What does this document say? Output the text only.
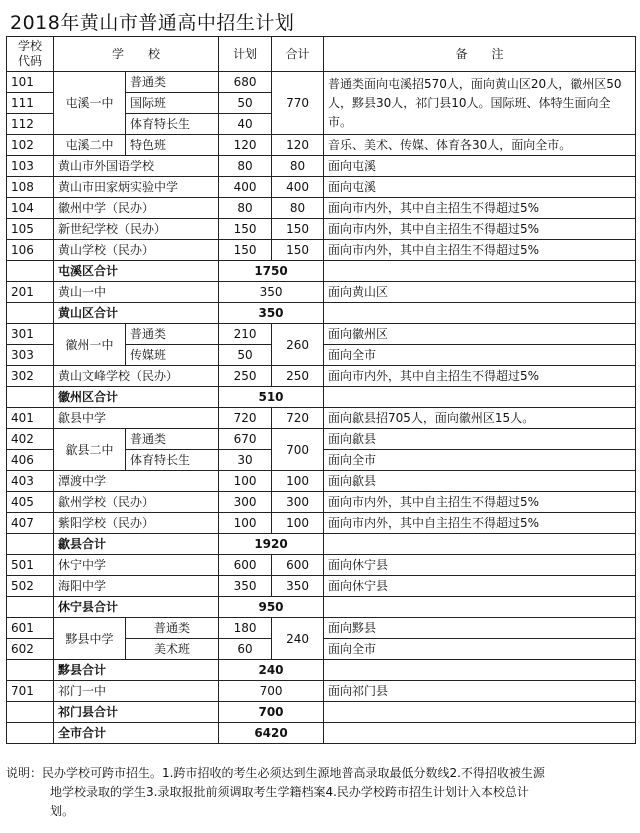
2018年黄山市普通高中招生计划
学校
代码	学　　校		计划	合计	备　　注
101	屯溪一中	普通类	680	770	普通类面向屯溪招570人，面向黄山区20人，徽州区50人，黟县30人，祁门县10人。国际班、体特生面向全市。
111		国际班	50		
112		体育特长生	40		
102	屯溪二中	特色班	120	120	音乐、美术、传媒、体育各30人，面向全市。
103	黄山市外国语学校		80	80	面向屯溪
108	黄山市田家炳实验中学		400	400	面向屯溪
104	徽州中学（民办）		80	80	面向市内外，其中自主招生不得超过5%
105	新世纪学校（民办）		150	150	面向市内外，其中自主招生不得超过5%
106	黄山学校（民办）		150	150	面向市内外，其中自主招生不得超过5%
	屯溪区合计		1750		
201	黄山一中		350		面向黄山区
	黄山区合计		350		
301	徽州一中	普通类	210	260	面向徽州区
303		传媒班	50		面向全市
302	黄山文峰学校（民办）		250	250	面向市内外，其中自主招生不得超过5%
	徽州区合计		510		
401	歙县中学		720	720	面向歙县招705人，面向徽州区15人。
402	歙县二中	普通类	670	700	面向歙县
406		体育特长生	30		面向全市
403	潭渡中学		100	100	面向歙县
405	歙州学校（民办）		300	300	面向市内外，其中自主招生不得超过5%
407	紫阳学校（民办）		100	100	面向市内外，其中自主招生不得超过5%
	歙县合计		1920		
501	休宁中学		600	600	面向休宁县
502	海阳中学		350	350	面向休宁县
	休宁县合计		950		
601	黟县中学	普通类	180	240	面向黟县
602		美术班	60		面向全市
	黟县合计		240		
701	祁门一中		700		面向祁门县
	祁门县合计		700		
	全市合计		6420		
说明：民办学校可跨市招生。1.跨市招收的考生必须达到生源地普高录取最低分数线2.不得招收被生源
地学校录取的学生3.录取报批前须调取考生学籍档案4.民办学校跨市招生计划计入本校总计
划。
